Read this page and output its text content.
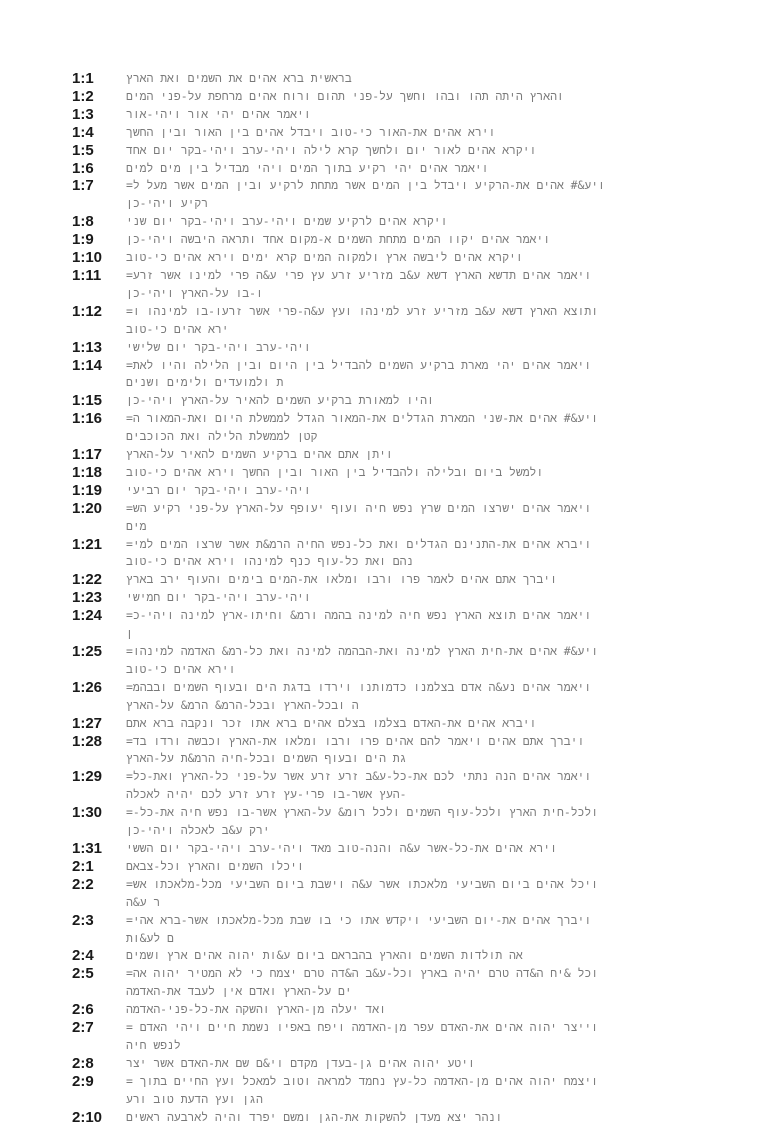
1:1	בראשית ברא אהים את השמים ואת הארץ
1:2	והארץ היתה תהו ובהו וחשך על-פני תהום ורוח אהים מרחפת על-פני המים
1:3	ויאמר אהים יהי אור ויהי-אור
1:4	וירא אהים את-האור כי-טוב ויבדל אהים בין האור ובין החשך
1:5	ויקרא אהים לאור יום ולחשך קרא לילה ויהי-ערב ויהי-בקר יום אחד
1:6	ויאמר אהים יהי רקיע בתוך המים ויהי מבדיל בין מים למים
1:7	=ויע&# אהים את-הרקיע ויבדל בין המים אשר מתחת לרקיע ובין המים אשר מעל ל
רקיע ויהי-כן
1:8	ויקרא אהים לרקיע שמים ויהי-ערב ויהי-בקר יום שני
1:9	ויאמר אהים יקוו המים מתחת השמים א-מקום אחד ותראה היבשה ויהי-כן
1:10	ויקרא אהים ליבשה ארץ ולמקוה המים קרא ימים וירא אהים כי-טוב
1:11	=ויאמר אהים תדשא הארץ דשא ע&ב מזריע זרע עץ פרי ע&ה פרי למינו אשר זרע
ו-בו על-הארץ ויהי-כן
1:12	=ותוצא הארץ דשא ע&ב מזריע זרע למינהו ועץ ע&ה-פרי אשר זרעו-בו למינהו ו
ירא אהים כי-טוב
1:13	ויהי-ערב ויהי-בקר יום שלישי
1:14	=ויאמר אהים יהי מארת ברקיע השמים להבדיל בין היום ובין הלילה והיו לאת
ת ולמועדים ולימים ושנים
1:15	והיו למאורת ברקיע השמים להאיר על-הארץ ויהי-כן
1:16	=ויע&# אהים את-שני המארת הגדלים את-המאור הגדל לממשלת היום ואת-המאור ה
קטן לממשלת הלילה ואת הכוכבים
1:17	ויתן אתם אהים ברקיע השמים להאיר על-הארץ
1:18	ולמשל ביום ובלילה ולהבדיל בין האור ובין החשך וירא אהים כי-טוב
1:19	ויהי-ערב ויהי-בקר יום רביעי
1:20	=ויאמר אהים ישרצו המים שרץ נפש חיה ועוף יעופף על-הארץ על-פני רקיע הש
מים
1:21	=ויברא אהים את-התנינם הגדלים ואת כל-נפש החיה הרמ&ת אשר שרצו המים למי
נהם ואת כל-עוף כנף למינהו וירא אהים כי-טוב
1:22	ויברך אתם אהים לאמר פרו ורבו ומלאו את-המים בימים והעוף ירב בארץ
1:23	ויהי-ערב ויהי-בקר יום חמישי
1:24	=ויאמר אהים תוצא הארץ נפש חיה למינה בהמה ורמ& וחיתו-ארץ למינה ויהי-כ
ן
1:25	=ויע&# אהים את-חית הארץ למינה ואת-הבהמה למינה ואת כל-רמ& האדמה למינהו
וירא אהים כי-טוב
1:26	=ויאמר אהים נע&ה אדם בצלמנו כדמותנו וירדו בדגת הים ובעוף השמים ובבהמ
ה ובכל-הארץ ובכל-הרמ& הרמ& על-הארץ
1:27	ויברא אהים את-האדם בצלמו בצלם אהים ברא אתו זכר ונקבה ברא אתם
1:28	=ויברך אתם אהים ויאמר להם אהים פרו ורבו ומלאו את-הארץ וכבשה ורדו בד
גת הים ובעוף השמים ובכל-חיה הרמ&ת על-הארץ
1:29	=ויאמר אהים הנה נתתי לכם את-כל-ע&ב זרע זרע אשר על-פני כל-הארץ ואת-כל
העץ אשר-בו פרי-עץ זרע זרע לכם יהיה לאכלה-
1:30	=-ולכל-חית הארץ ולכל-עוף השמים ולכל רומ& על-הארץ אשר-בו נפש חיה את-כל
ירק ע&ב לאכלה ויהי-כן
1:31	וירא אהים את-כל-אשר ע&ה והנה-טוב מאד ויהי-ערב ויהי-בקר יום הששי
2:1	ויכלו השמים והארץ וכל-צבאם
2:2	=ויכל אהים ביום השביעי מלאכתו אשר ע&ה וישבת ביום השביעי מכל-מלאכתו אש
ר ע&ה
2:3	=ויברך אהים את-יום השביעי ויקדש אתו כי בו שבת מכל-מלאכתו אשר-ברא אהי
ם לע&ות
2:4	אה תולדות השמים והארץ בהבראם ביום ע&ות יהוה אהים ארץ ושמים
2:5	=וכל &יח ה&דה טרם יהיה בארץ וכל-ע&ב ה&דה טרם יצמח כי לא המטיר יהוה אה
ים על-הארץ ואדם אין לעבד את-האדמה
2:6	ואד יעלה מן-הארץ והשקה את-כל-פני-האדמה
2:7	= וייצר יהוה אהים את-האדם עפר מן-האדמה ויפח באפיו נשמת חיים ויהי האדם
לנפש חיה
2:8	ויטע יהוה אהים גן-בעדן מקדם וי&ם שם את-האדם אשר יצר
2:9	= ויצמח יהוה אהים מן-האדמה כל-עץ נחמד למראה וטוב למאכל ועץ החיים בתוך
הגן ועץ הדעת טוב ורע
2:10	ונהר יצא מעדן להשקות את-הגן ומשם יפרד והיה לארבעה ראשים
